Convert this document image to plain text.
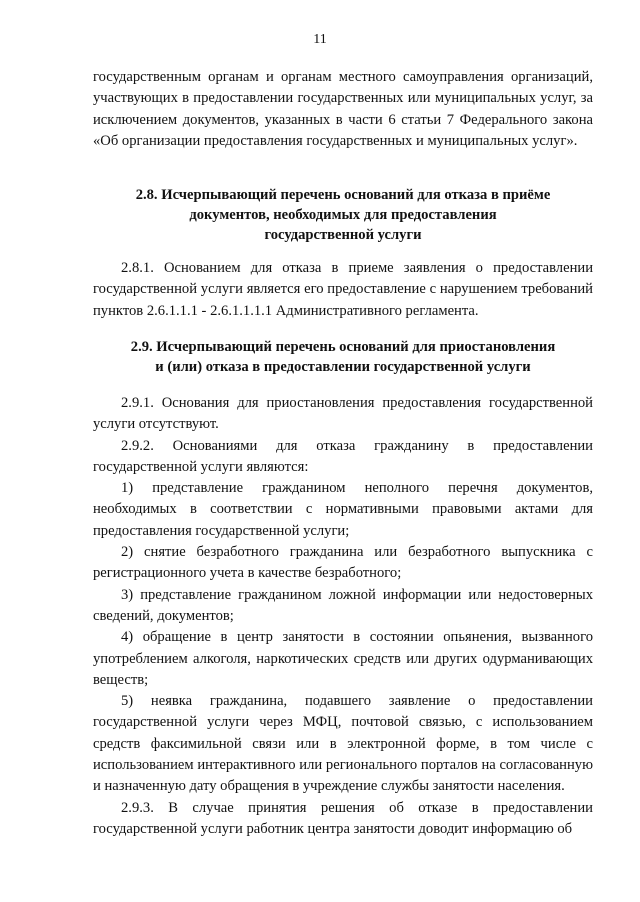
11

государственным органам и органам местного самоуправления организаций, участвующих в предоставлении государственных или муниципальных услуг, за исключением документов, указанных в части 6 статьи 7 Федерального закона «Об организации предоставления государственных и муниципальных услуг».

2.8. Исчерпывающий перечень оснований для отказа в приёме
документов, необходимых для предоставления
государственной услуги

2.8.1. Основанием для отказа в приеме заявления о предоставлении государственной услуги является его предоставление с нарушением требований пунктов 2.6.1.1.1 - 2.6.1.1.1.1 Административного регламента.

2.9. Исчерпывающий перечень оснований для приостановления
и (или) отказа в предоставлении государственной услуги

2.9.1. Основания для приостановления предоставления государственной услуги отсутствуют.

2.9.2. Основаниями для отказа гражданину в предоставлении государственной услуги являются:

1) представление гражданином неполного перечня документов, необходимых в соответствии с нормативными правовыми актами для предоставления государственной услуги;

2) снятие безработного гражданина или безработного выпускника с регистрационного учета в качестве безработного;

3) представление гражданином ложной информации или недостоверных сведений, документов;

4) обращение в центр занятости в состоянии опьянения, вызванного употреблением алкоголя, наркотических средств или других одурманивающих веществ;

5) неявка гражданина, подавшего заявление о предоставлении государственной услуги через МФЦ, почтовой связью, с использованием средств факсимильной связи или в электронной форме, в том числе с использованием интерактивного или регионального порталов на согласованную и назначенную дату обращения в учреждение службы занятости населения.

2.9.3. В случае принятия решения об отказе в предоставлении государственной услуги работник центра занятости доводит информацию об
